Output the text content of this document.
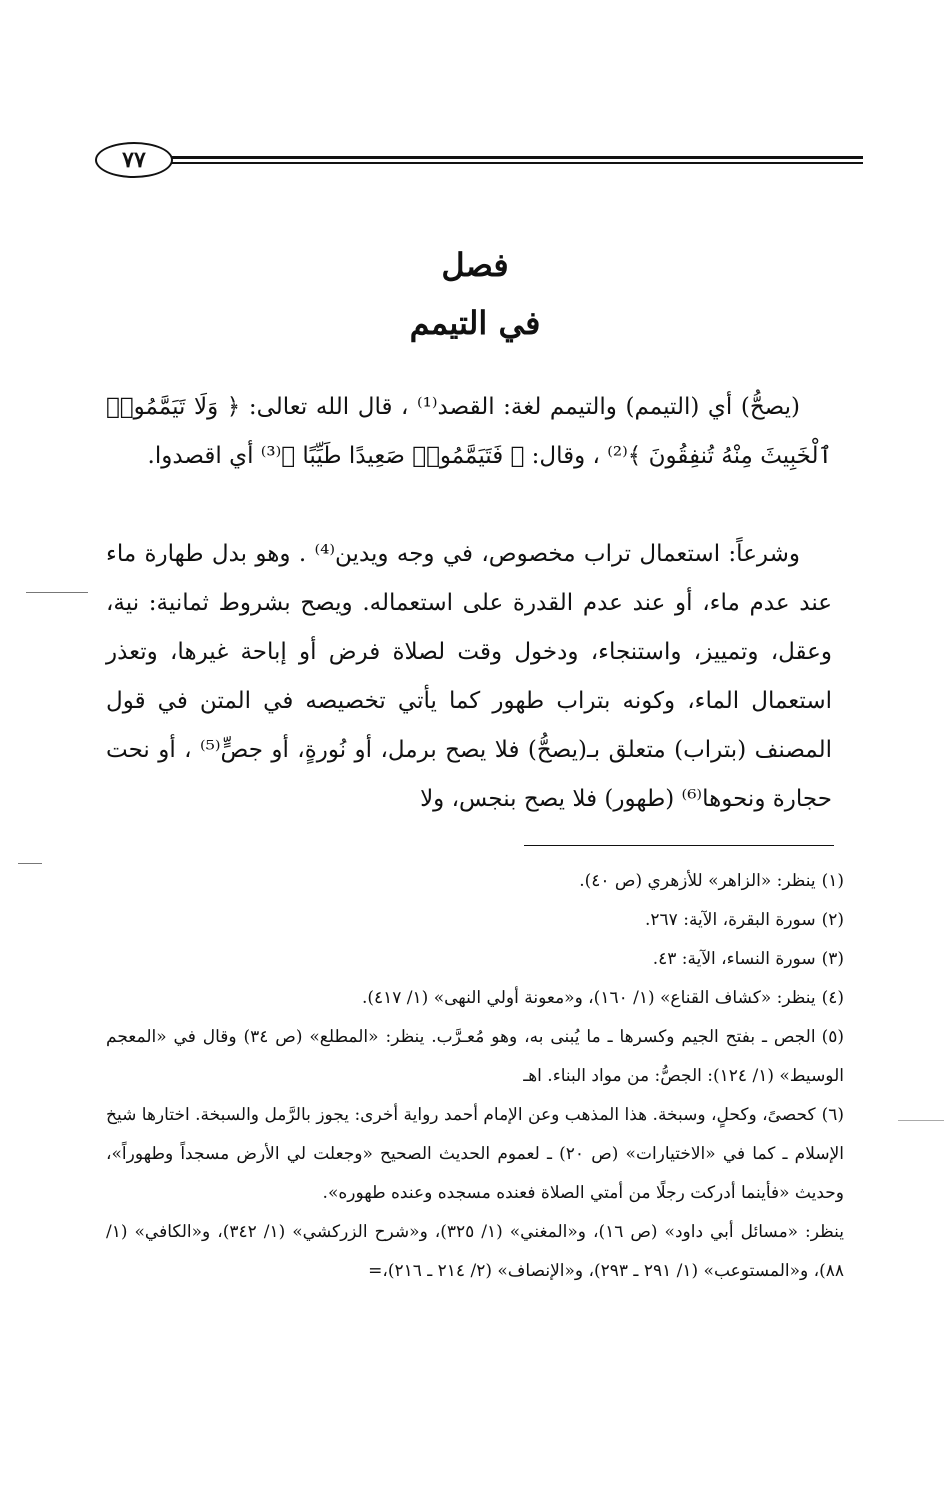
٧٧
فصل
في التيمم
(يصحُّ) أي (التيمم) والتيمم لغة: القصد⁽¹⁾ ، قال الله تعالى: ﴿ وَلَا تَيَمَّمُوا۟ ٱلْخَبِيثَ مِنْهُ تُنفِقُونَ ﴾⁽²⁾ ، وقال: ﴿ فَتَيَمَّمُوا۟ صَعِيدًا طَيِّبًا ﴾⁽³⁾ أي اقصدوا.
وشرعاً: استعمال تراب مخصوص، في وجه ويدين⁽⁴⁾ . وهو بدل طهارة ماء عند عدم ماء، أو عند عدم القدرة على استعماله. ويصح بشروط ثمانية: نية، وعقل، وتمييز، واستنجاء، ودخول وقت لصلاة فرض أو إباحة غيرها، وتعذر استعمال الماء، وكونه بتراب طهور كما يأتي تخصيصه في المتن في قول المصنف (بتراب) متعلق بـ(يصحُّ) فلا يصح برمل، أو نُورةٍ، أو جصٍّ⁽⁵⁾ ، أو نحت حجارة ونحوها⁽⁶⁾ (طهور) فلا يصح بنجس، ولا

(١)ينظر: «الزاهر» للأزهري (ص ٤٠).

(٢)سورة البقرة، الآية: ٢٦٧.

(٣)سورة النساء، الآية: ٤٣.

(٤)ينظر: «كشاف القناع» (١/ ١٦٠)، و«معونة أولي النهى» (١/ ٤١٧).

(٥)الجص ـ بفتح الجيم وكسرها ـ ما يُبنى به، وهو مُعـرَّب. ينظر: «المطلع» (ص ٣٤) وقال في «المعجم الوسيط» (١/ ١٢٤): الجصُّ: من مواد البناء. اهـ

(٦)كحصىً، وكحلٍ، وسبخة. هذا المذهب وعن الإمام أحمد رواية أخرى: يجوز بالرَّمل والسبخة. اختارها شيخ الإسلام ـ كما في «الاختيارات» (ص ٢٠) ـ لعموم الحديث الصحيح «وجعلت لي الأرض مسجداً وطهوراً»، وحديث «فأينما أدركت رجلًا من أمتي الصلاة فعنده مسجده وعنده طهوره».

ينظر: «مسائل أبي داود» (ص ١٦)، و«المغني» (١/ ٣٢٥)، و«شرح الزركشي» (١/ ٣٤٢)، و«الكافي» (١/ ٨٨)، و«المستوعب» (١/ ٢٩١ ـ ٢٩٣)، و«الإنصاف» (٢/ ٢١٤ ـ ٢١٦)،=
